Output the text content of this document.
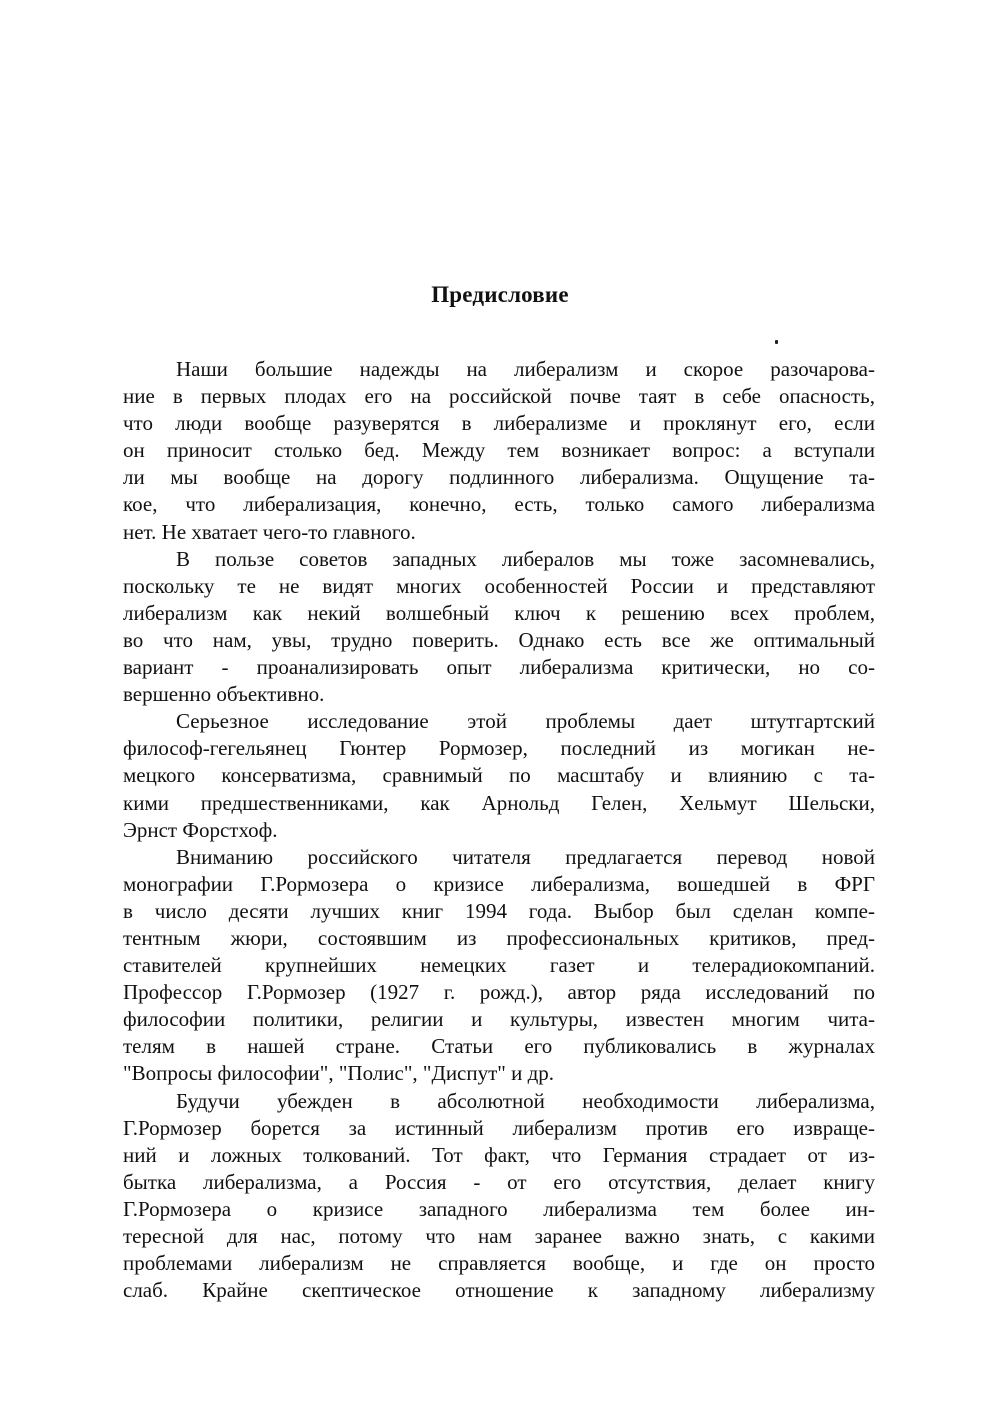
Предисловие
Наши большие надежды на либерализм и скорое разочарова-
ние в первых плодах его на российской почве таят в себе опасность,
что люди вообще разуверятся в либерализме и проклянут его, если
он приносит столько бед. Между тем возникает вопрос: а вступали
ли мы вообще на дорогу подлинного либерализма. Ощущение та-
кое, что либерализация, конечно, есть, только самого либерализма
нет. Не хватает чего-то главного.
В пользе советов западных либералов мы тоже засомневались,
поскольку те не видят многих особенностей России и представляют
либерализм как некий волшебный ключ к решению всех проблем,
во что нам, увы, трудно поверить. Однако есть все же оптимальный
вариант - проанализировать опыт либерализма критически, но со-
вершенно объективно.
Серьезное исследование этой проблемы дает штутгартский
философ-гегельянец Гюнтер Рормозер, последний из могикан не-
мецкого консерватизма, сравнимый по масштабу и влиянию с та-
кими предшественниками, как Арнольд Гелен, Хельмут Шельски,
Эрнст Форстхоф.
Вниманию российского читателя предлагается перевод новой
монографии Г.Рормозера о кризисе либерализма, вошедшей в ФРГ
в число десяти лучших книг 1994 года. Выбор был сделан компе-
тентным жюри, состоявшим из профессиональных критиков, пред-
ставителей крупнейших немецких газет и телерадиокомпаний.
Профессор Г.Рормозер (1927 г. рожд.), автор ряда исследований по
философии политики, религии и культуры, известен многим чита-
телям в нашей стране. Статьи его публиковались в журналах
"Вопросы философии", "Полис", "Диспут" и др.
Будучи убежден в абсолютной необходимости либерализма,
Г.Рормозер борется за истинный либерализм против его извраще-
ний и ложных толкований. Тот факт, что Германия страдает от из-
бытка либерализма, а Россия - от его отсутствия, делает книгу
Г.Рормозера о кризисе западного либерализма тем более ин-
тересной для нас, потому что нам заранее важно знать, с какими
проблемами либерализм не справляется вообще, и где он просто
слаб. Крайне скептическое отношение к западному либерализму
